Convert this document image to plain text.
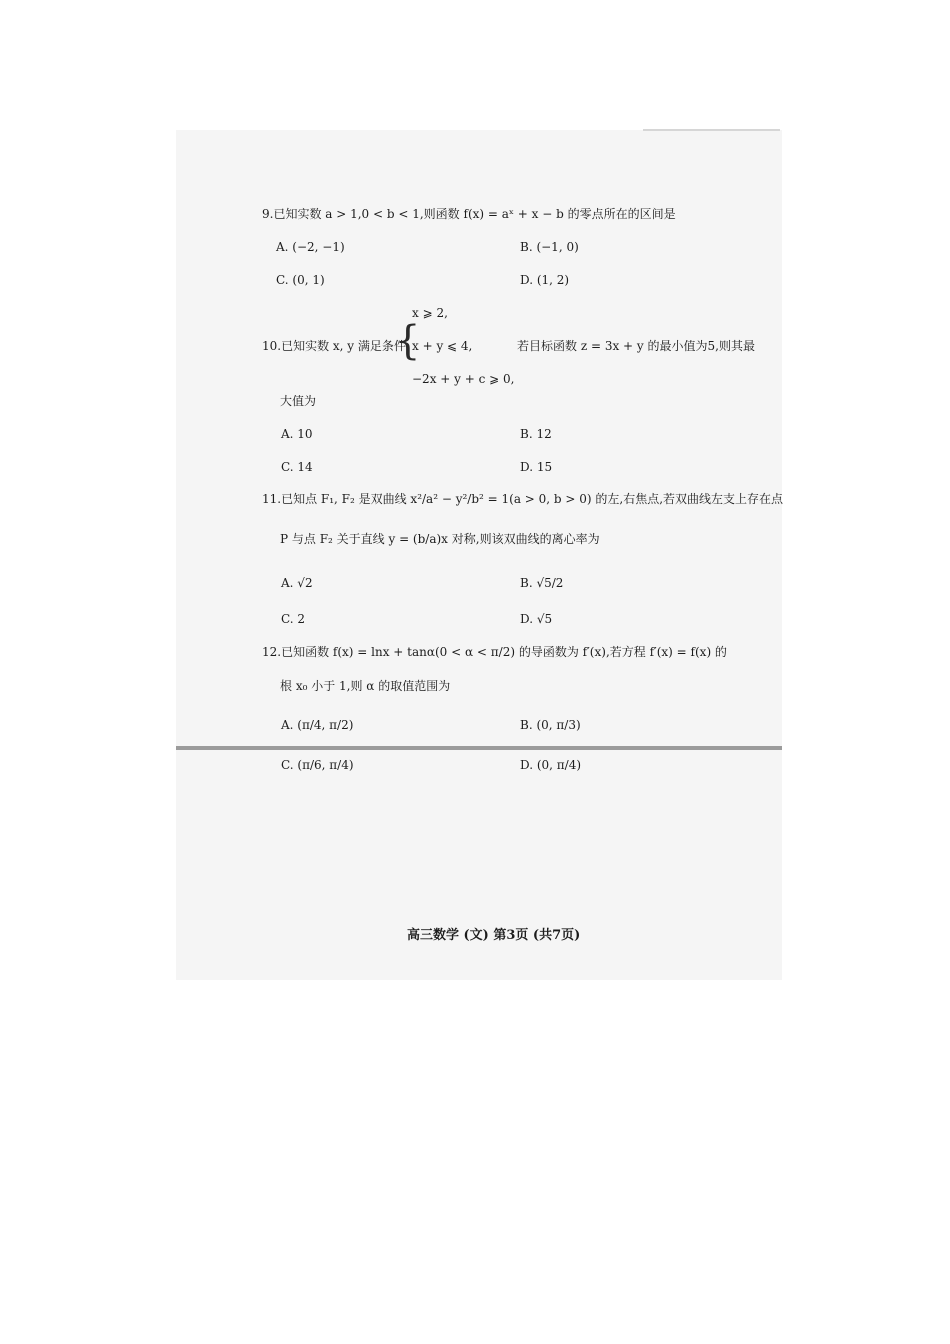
9.已知实数 a > 1,0 < b < 1,则函数 f(x) = aˣ + x − b 的零点所在的区间是
A. (−2, −1)	B. (−1, 0)
C. (0, 1)	D. (1, 2)
10.已知实数 x, y 满足条件
{
x ⩾ 2,
x + y ⩽ 4,
−2x + y + c ⩾ 0,
若目标函数 z = 3x + y 的最小值为5,则其最
大值为
A. 10	B. 12
C. 14	D. 15
11.已知点 F₁, F₂ 是双曲线 x²/a² − y²/b² = 1(a > 0, b > 0) 的左,右焦点,若双曲线左支上存在点
P 与点 F₂ 关于直线 y = (b/a)x 对称,则该双曲线的离心率为
A. √2	B. √5/2
C. 2	D. √5
12.已知函数 f(x) = lnx + tanα(0 < α < π/2) 的导函数为 f′(x),若方程 f′(x) = f(x) 的
根 x₀ 小于 1,则 α 的取值范围为
A. (π/4, π/2)	B. (0, π/3)
C. (π/6, π/4)	D. (0, π/4)
高三数学 (文) 第3页 (共7页)
